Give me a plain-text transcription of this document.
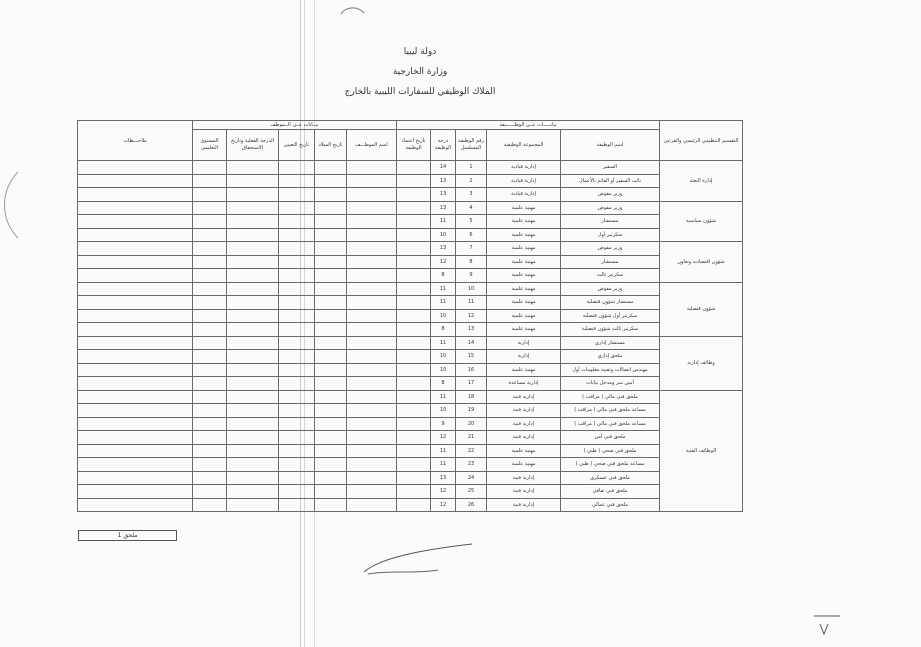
دولة ليبيا
وزارة الخارجية
الملاك الوظيفي للسفارات الليبية بالخارج
التقسيم التنظيمي الرئيسي والفرعي	بيانـــــات عــن الوظــــــيفة					بيــانات عــن الــموظف					ملاحـــظات
	اسم الوظيفة	المجموعة الوظيفية	رقم الوظيفة المسلسل	درجة الوظيفة	تاريخ اعتماد الوظيفة	اسم الموظـــف	تاريخ الميلاد	تاريخ التعيين	الدرجة الفعلية وتاريخ الاستحقاق	المستوى التعليمي	
إدارة البعثة	السفير	إدارية قيادية	1	14							
	نائب السفير أو القائم بالأعمال	إدارية قيادية	2	13							
	وزير مفوض	إدارية قيادية	3	13							
شؤون سياسية	وزير مفوض	مهنية علمية	4	13							
	مستشار	مهنية علمية	5	11							
	سكرتير أول	مهنية علمية	6	10							
شؤون اقتصادية وتعاون	وزير مفوض	مهنية علمية	7	13							
	مستشار	مهنية علمية	8	12							
	سكرتير ثالث	مهنية علمية	9	8							
شؤون قنصلية	وزير مفوض	مهنية علمية	10	11							
	مستشار شؤون قنصلية	مهنية علمية	11	11							
	سكرتير أول شؤون قنصلية	مهنية علمية	12	10							
	سكرتير ثالث شؤون قنصلية	مهنية علمية	13	8							
وظائف إدارية	مستشار إداري	إدارية	14	11							
	ملحق إداري	إدارية	15	10							
	مهندس اتصالات وتقنية معلومات أول	مهنية علمية	16	10							
	أمين سر ومدخل بيانات	إدارية مساعدة	17	8							
الوظائف الفنية	ملحق فني مالي ( مراقب )	إدارية فنية	18	11							
	مساعد ملحق فني مالي ( مراقب )	إدارية فنية	19	10							
	مساعد ملحق فني مالي ( مراقب )	إدارية فنية	20	9							
	ملحق فني أمن	إدارية فنية	21	12							
	ملحق فني صحي ( طبي )	مهنية علمية	22	11							
	مساعد ملحق فني صحي ( طبي )	مهنية علمية	23	11							
	ملحق فني عسكري	إدارية فنية	24	13							
	ملحق فني ثقافي	إدارية فنية	25	12							
	ملحق فني عمالي	إدارية فنية	26	12							
ملحق 1
